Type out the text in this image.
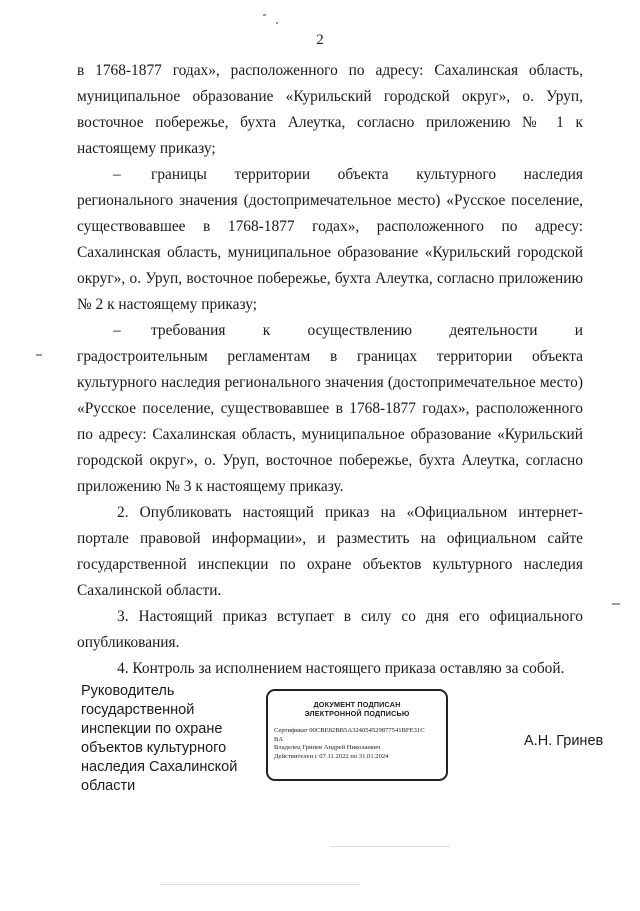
2

в 1768-1877 годах», расположенного по адресу: Сахалинская область, муниципальное образование «Курильский городской округ», о. Уруп, восточное побережье, бухта Алеутка, согласно приложению № 1 к настоящему приказу;

– границы территории объекта культурного наследия регионального значения (достопримечательное место) «Русское поселение, существовавшее в 1768-1877 годах», расположенного по адресу: Сахалинская область, муниципальное образование «Курильский городской округ», о. Уруп, восточное побережье, бухта Алеутка, согласно приложению № 2 к настоящему приказу;

– требования к осуществлению деятельности и градостроительным регламентам в границах территории объекта культурного наследия регионального значения (достопримечательное место) «Русское поселение, существовавшее в 1768-1877 годах», расположенного по адресу: Сахалинская область, муниципальное образование «Курильский городской округ», о. Уруп, восточное побережье, бухта Алеутка, согласно приложению № 3 к настоящему приказу.

2. Опубликовать настоящий приказ на «Официальном интернет- портале правовой информации», и разместить на официальном сайте государственной инспекции по охране объектов культурного наследия Сахалинской области.

3. Настоящий приказ вступает в силу со дня его официального опубликования.

4. Контроль за исполнением настоящего приказа оставляю за собой.

Руководитель
государственной
инспекции по охране
объектов культурного
наследия Сахалинской
области
ДОКУМЕНТ ПОДПИСАН
ЭЛЕКТРОННОЙ ПОДПИСЬЮ
Сертификат 00CBE82BB5A324054529877541BFE31C
BA
Владелец Гринев Андрей Николаевич
Действителен с 07.11.2022 по 31.01.2024
А.Н. Гринев
